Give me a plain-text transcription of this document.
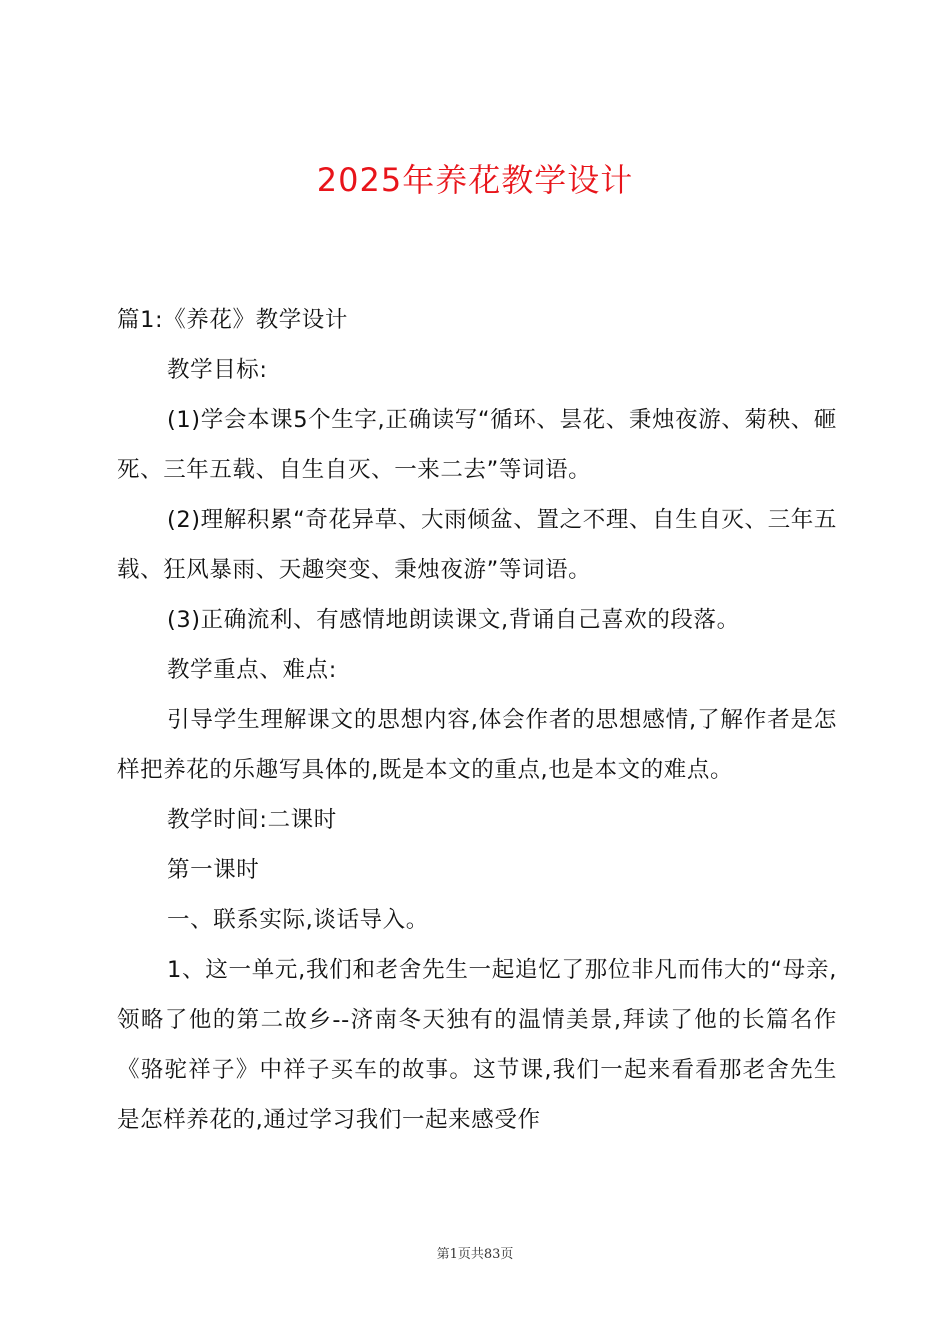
2025年养花教学设计

篇1:《养花》教学设计

教学目标:

(1)学会本课5个生字,正确读写“循环、昙花、秉烛夜游、菊秧、砸死、三年五载、自生自灭、一来二去”等词语。

(2)理解积累“奇花异草、大雨倾盆、置之不理、自生自灭、三年五载、狂风暴雨、天趣突变、秉烛夜游”等词语。

(3)正确流利、有感情地朗读课文,背诵自己喜欢的段落。

教学重点、难点:

引导学生理解课文的思想内容,体会作者的思想感情,了解作者是怎样把养花的乐趣写具体的,既是本文的重点,也是本文的难点。

教学时间:二课时

第一课时

一、联系实际,谈话导入。

1、这一单元,我们和老舍先生一起追忆了那位非凡而伟大的“母亲,领略了他的第二故乡--济南冬天独有的温情美景,拜读了他的长篇名作《骆驼祥子》中祥子买车的故事。这节课,我们一起来看看那老舍先生是怎样养花的,通过学习我们一起来感受作

第1页共83页
